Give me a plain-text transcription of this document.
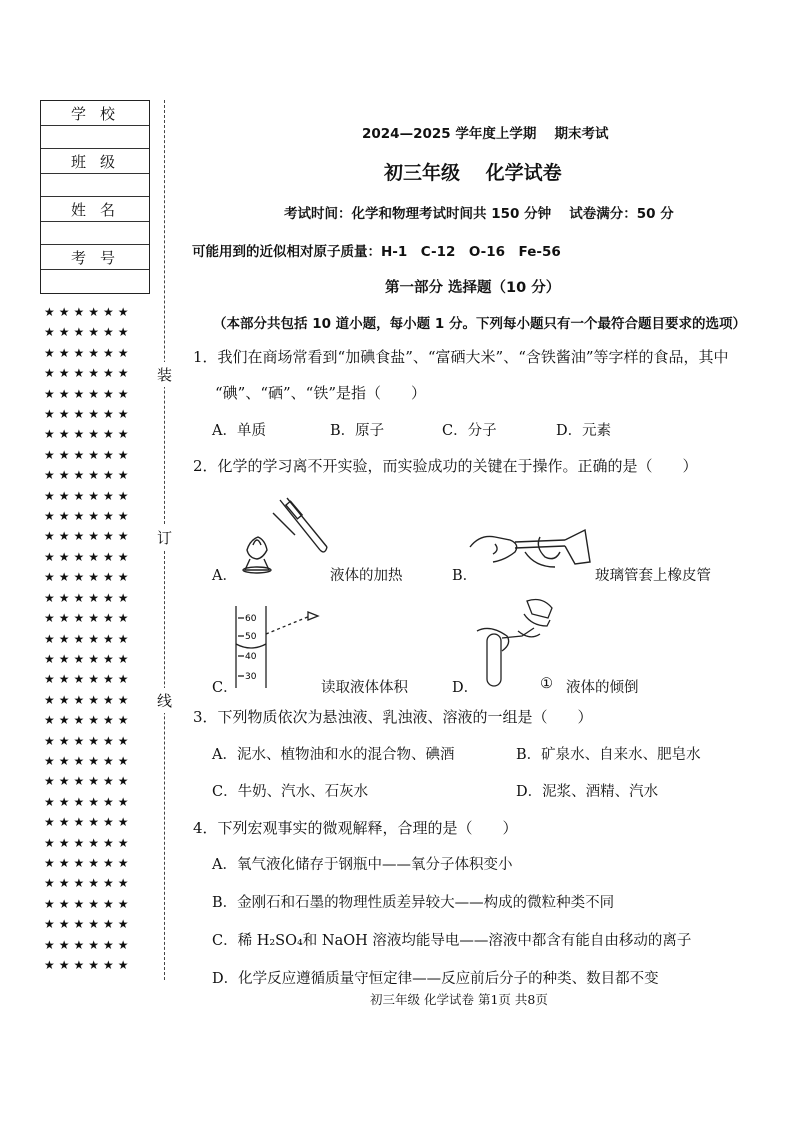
学校
班级
姓名
考号
★★★★★★
★★★★★★
★★★★★★
★★★★★★
★★★★★★
★★★★★★
★★★★★★
★★★★★★
★★★★★★
★★★★★★
★★★★★★
★★★★★★
★★★★★★
★★★★★★
★★★★★★
★★★★★★
★★★★★★
★★★★★★
★★★★★★
★★★★★★
★★★★★★
★★★★★★
★★★★★★
★★★★★★
★★★★★★
★★★★★★
★★★★★★
★★★★★★
★★★★★★
★★★★★★
★★★★★★
★★★★★★
★★★★★★

装
订
线
2024—2025 学年度上学期　 期末考试
初三年级　 化学试卷
考试时间：化学和物理考试时间共 150 分钟　 试卷满分：50 分
可能用到的近似相对原子质量：H-1　C-12　O-16　Fe-56
第一部分 选择题（10 分）
（本部分共包括 10 道小题，每小题 1 分。下列每小题只有一个最符合题目要求的选项）
1．我们在商场常看到“加碘食盐”、“富硒大米”、“含铁酱油”等字样的食品，其中
“碘”、“硒”、“铁”是指（　　）
A．单质	B．原子	C．分子	D．元素
2．化学的学习离不开实验，而实验成功的关键在于操作。正确的是（　　）
A．	液体的加热	B．	玻璃管套上橡皮管
C．
60
50
40
30
读取液体体积	D．	① 液体的倾倒
3．下列物质依次为悬浊液、乳浊液、溶液的一组是（　　）
A．泥水、植物油和水的混合物、碘酒	B．矿泉水、自来水、肥皂水
C．牛奶、汽水、石灰水	D．泥浆、酒精、汽水
4．下列宏观事实的微观解释，合理的是（　　）
A．氧气液化储存于钢瓶中——氧分子体积变小
B．金刚石和石墨的物理性质差异较大——构成的微粒种类不同
C．稀 H₂SO₄和 NaOH 溶液均能导电——溶液中都含有能自由移动的离子
D．化学反应遵循质量守恒定律——反应前后分子的种类、数目都不变
初三年级 化学试卷 第1页 共8页
